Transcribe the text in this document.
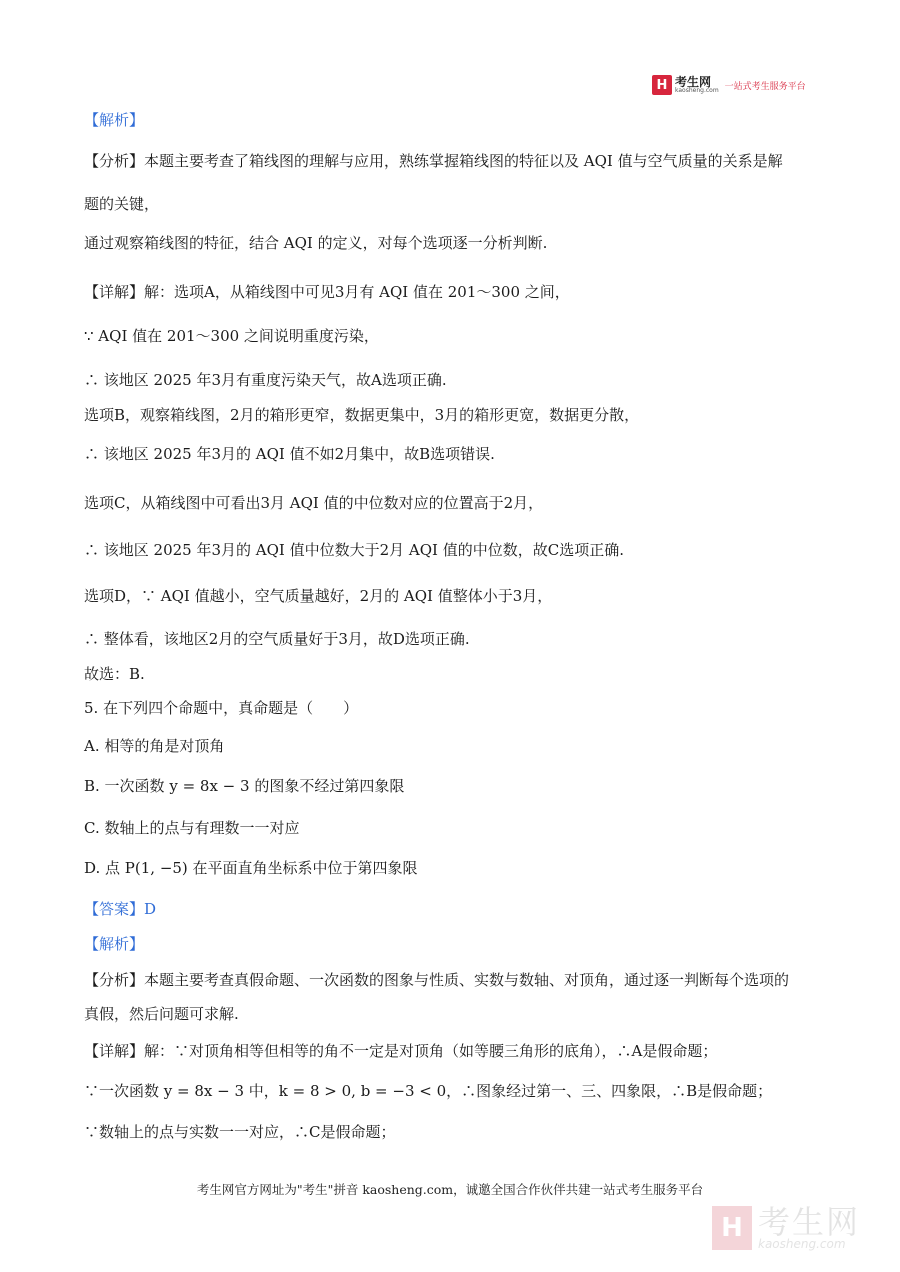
H 考生网
kaosheng.com 一站式考生服务平台
【解析】
【分析】本题主要考查了箱线图的理解与应用，熟练掌握箱线图的特征以及 AQI 值与空气质量的关系是解
题的关键，
通过观察箱线图的特征，结合 AQI 的定义，对每个选项逐一分析判断.
【详解】解：选项A，从箱线图中可见3月有 AQI 值在 201～300 之间，
∵ AQI 值在 201～300 之间说明重度污染，
∴ 该地区 2025 年3月有重度污染天气，故A选项正确.
选项B，观察箱线图，2月的箱形更窄，数据更集中，3月的箱形更宽，数据更分散，
∴ 该地区 2025 年3月的 AQI 值不如2月集中，故B选项错误.
选项C，从箱线图中可看出3月 AQI 值的中位数对应的位置高于2月，
∴ 该地区 2025 年3月的 AQI 值中位数大于2月 AQI 值的中位数，故C选项正确.
选项D，∵ AQI 值越小，空气质量越好，2月的 AQI 值整体小于3月，
∴ 整体看，该地区2月的空气质量好于3月，故D选项正确.
故选：B.
5. 在下列四个命题中，真命题是（　　）
A. 相等的角是对顶角
B. 一次函数 y = 8x − 3 的图象不经过第四象限
C. 数轴上的点与有理数一一对应
D. 点 P(1, −5) 在平面直角坐标系中位于第四象限
【答案】D
【解析】
【分析】本题主要考查真假命题、一次函数的图象与性质、实数与数轴、对顶角，通过逐一判断每个选项的
真假，然后问题可求解.
【详解】解：∵对顶角相等但相等的角不一定是对顶角（如等腰三角形的底角），∴A是假命题；
∵一次函数 y = 8x − 3 中，k = 8 > 0, b = −3 < 0，∴图象经过第一、三、四象限，∴B是假命题；
∵数轴上的点与实数一一对应，∴C是假命题；
考生网官方网址为"考生"拼音 kaosheng.com，诚邀全国合作伙伴共建一站式考生服务平台
H 考生网
kaosheng.com
